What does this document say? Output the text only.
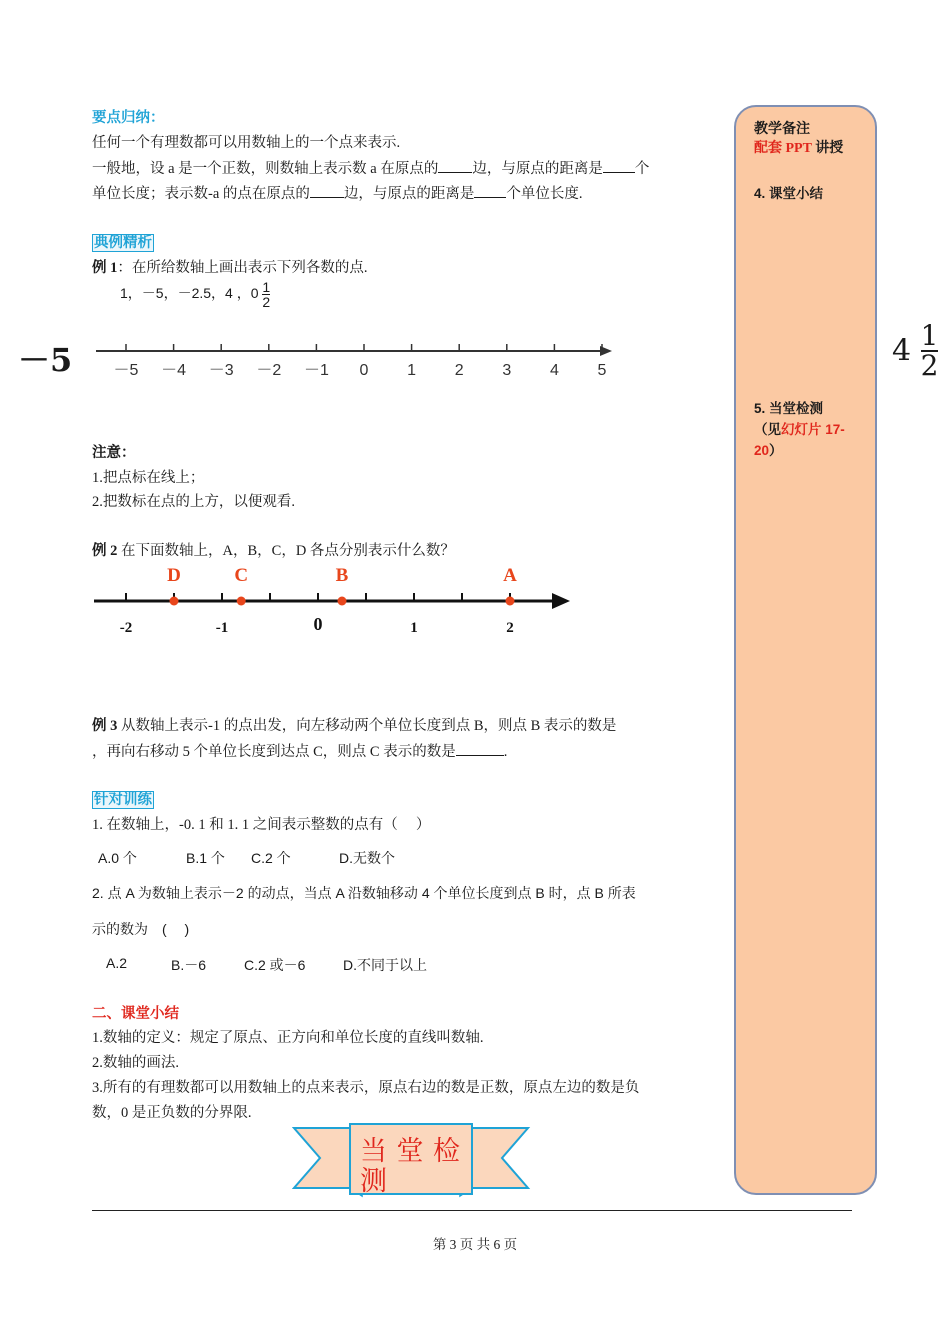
要点归纳：
任何一个有理数都可以用数轴上的一个点来表示.
一般地，设 a 是一个正数，则数轴上表示数 a 在原点的 边，与原点的距离是 个
单位长度；表示数-a 的点在原点的 边，与原点的距离是 个单位长度.
典例精析
例 1：在所给数轴上画出表示下列各数的点.
1，－5，－2.5，4 ，$0 \frac{1}{2}$
－5	－5 －4 －3 －2 －1 0 1 2 3 4 5
$4 \frac{1}{2}$
注意：
1.把点标在线上；
2.把数标在点的上方，以便观看.
例 2 在下面数轴上，A，B，C，D 各点分别表示什么数？
D	C	B	A
-2	-1	0	1	2
例 3 从数轴上表示-1 的点出发，向左移动两个单位长度到点 B，则点 B 表示的数是
，再向右移动 5 个单位长度到达点 C，则点 C 表示的数是	.
针对训练
1. 在数轴上，-0. 1 和 1. 1 之间表示整数的点有（　 ）
A.0 个	B.1 个 C.2 个	D.无数个
2. 点 A 为数轴上表示－2 的动点，当点 A 沿数轴移动 4 个单位长度到点 B 时，点 B 所表
示的数为　(　 )
A.2	B.－6	C.2 或－6	D.不同于以上
二、课堂小结
1.数轴的定义：规定了原点、正方向和单位长度的直线叫数轴.
2.数轴的画法.
3.所有的有理数都可以用数轴上的点来表示，原点右边的数是正数，原点左边的数是负
数，0 是正负数的分界限.
当 堂 检 测
第 3 页 共 6 页
教学备注
配套 PPT 讲授
4. 课堂小结
5. 当堂检测
（见幻灯片 17-
20）
